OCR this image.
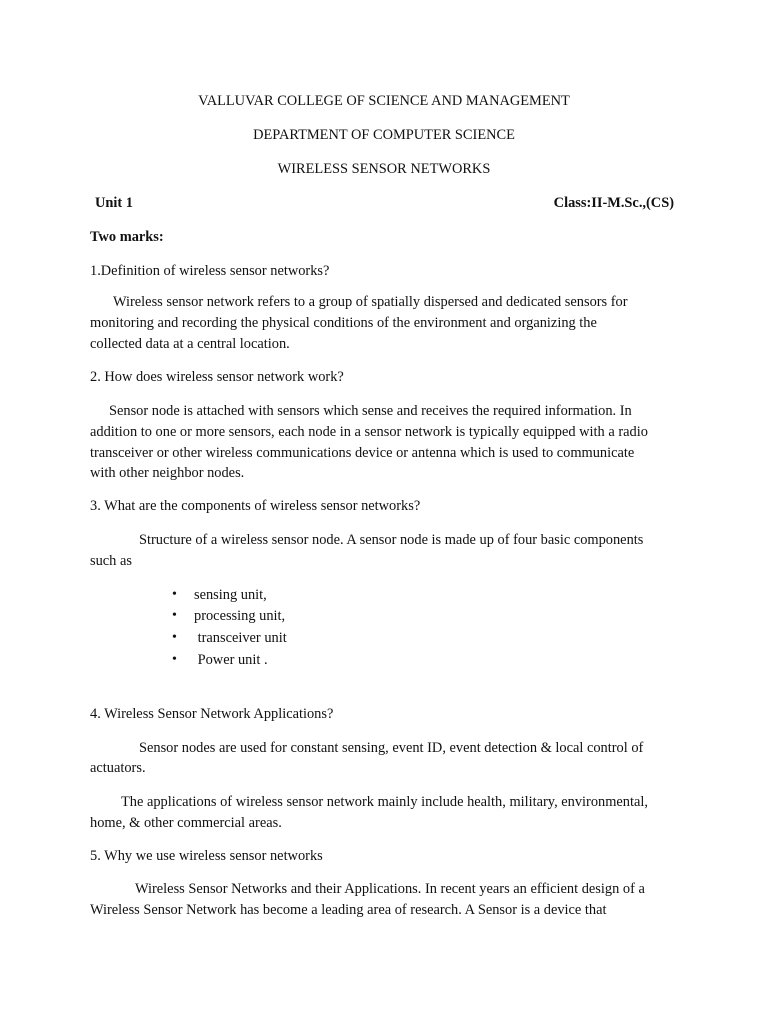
VALLUVAR COLLEGE OF SCIENCE AND MANAGEMENT
DEPARTMENT OF COMPUTER SCIENCE
WIRELESS SENSOR NETWORKS
Unit 1	Class:II-M.Sc.,(CS)
Two marks:
1.Definition of wireless sensor networks?
Wireless sensor network refers to a group of spatially dispersed and dedicated sensors for
monitoring and recording the physical conditions of the environment and organizing the
collected data at a central location.
2. How does wireless sensor network work?
Sensor node is attached with sensors which sense and receives the required information. In
addition to one or more sensors, each node in a sensor network is typically equipped with a radio
transceiver or other wireless communications device or antenna which is used to communicate
with other neighbor nodes.
3. What are the components of wireless sensor networks?
Structure of a wireless sensor node. A sensor node is made up of four basic components
such as
• sensing unit,
• processing unit,
• transceiver unit
• Power unit .
4. Wireless Sensor Network Applications?
Sensor nodes are used for constant sensing, event ID, event detection & local control of
actuators.
The applications of wireless sensor network mainly include health, military, environmental,
home, & other commercial areas.
5. Why we use wireless sensor networks
Wireless Sensor Networks and their Applications. In recent years an efficient design of a
Wireless Sensor Network has become a leading area of research. A Sensor is a device that
